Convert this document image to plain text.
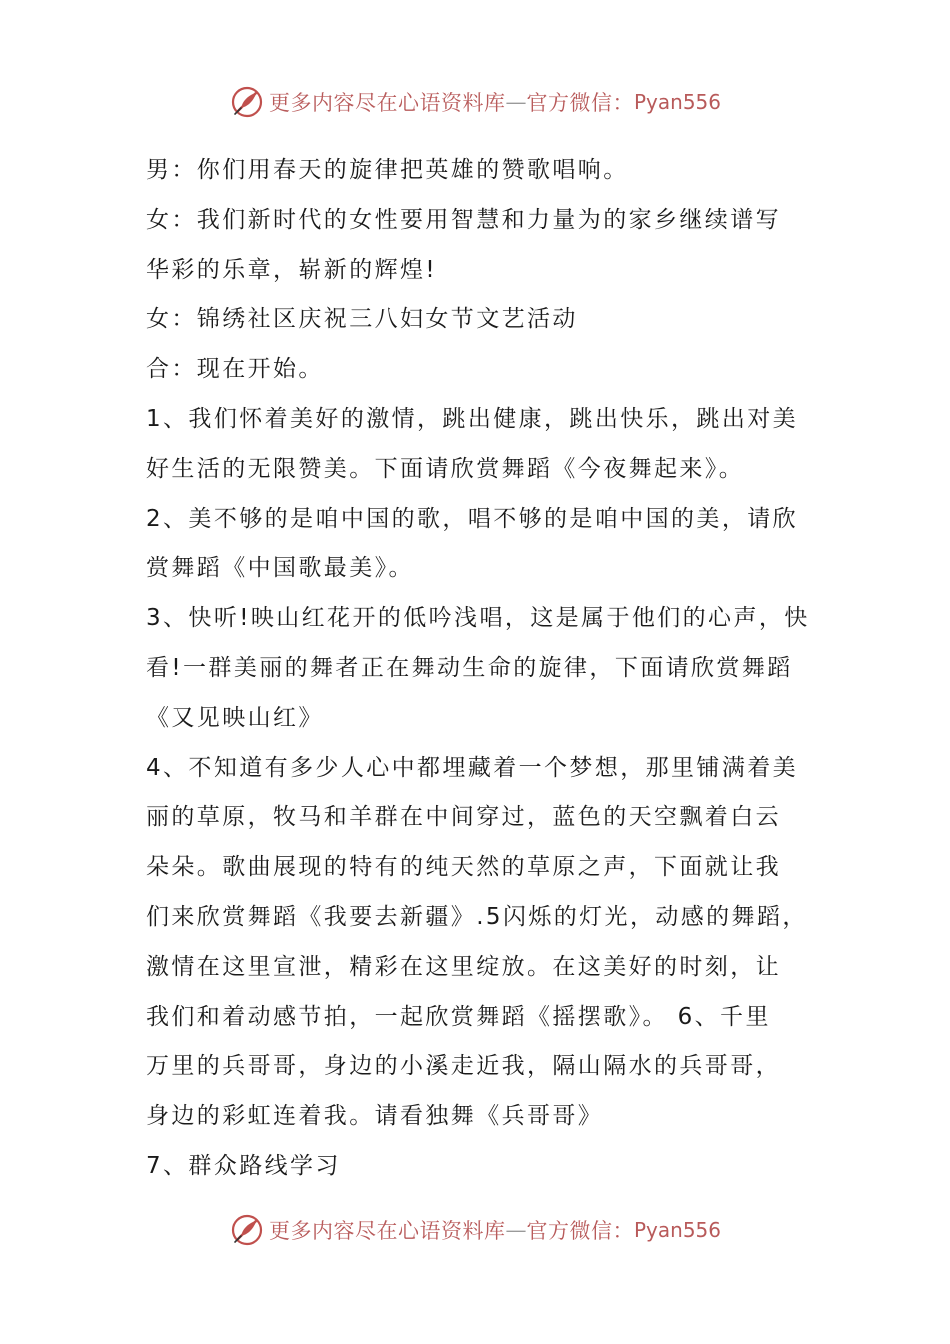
更多内容尽在心语资料库 — 官方微信： Pyan556
男：你们用春天的旋律把英雄的赞歌唱响。
女：我们新时代的女性要用智慧和力量为的家乡继续谱写
华彩的乐章，崭新的辉煌!
女：锦绣社区庆祝三八妇女节文艺活动
合：现在开始。
1、我们怀着美好的激情，跳出健康，跳出快乐，跳出对美
好生活的无限赞美。下面请欣赏舞蹈《今夜舞起来》。
2、美不够的是咱中国的歌，唱不够的是咱中国的美，请欣
赏舞蹈《中国歌最美》。
3、快听!映山红花开的低吟浅唱，这是属于他们的心声，快
看!一群美丽的舞者正在舞动生命的旋律，下面请欣赏舞蹈
《又见映山红》
4、不知道有多少人心中都埋藏着一个梦想，那里铺满着美
丽的草原，牧马和羊群在中间穿过，蓝色的天空飘着白云
朵朵。歌曲展现的特有的纯天然的草原之声，下面就让我
们来欣赏舞蹈《我要去新疆》.5闪烁的灯光，动感的舞蹈，
激情在这里宣泄，精彩在这里绽放。在这美好的时刻，让
我们和着动感节拍，一起欣赏舞蹈《摇摆歌》。 6、千里
万里的兵哥哥，身边的小溪走近我，隔山隔水的兵哥哥，
身边的彩虹连着我。请看独舞《兵哥哥》
7、群众路线学习
更多内容尽在心语资料库 — 官方微信： Pyan556
